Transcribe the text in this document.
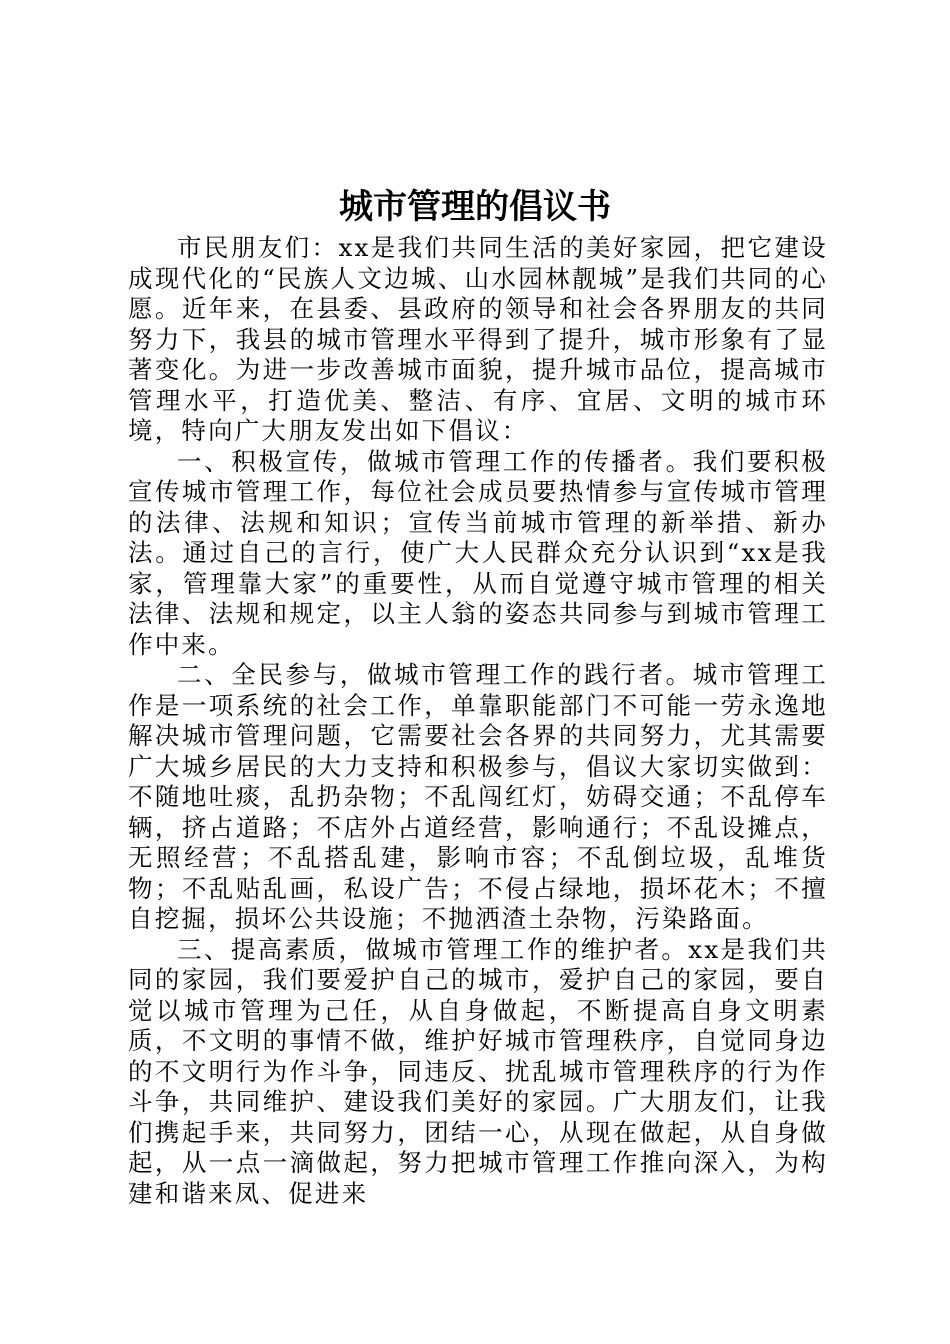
城市管理的倡议书

市民朋友们：xx是我们共同生活的美好家园，把它建设成现代化的“民族人文边城、山水园林靓城”是我们共同的心愿。近年来，在县委、县政府的领导和社会各界朋友的共同努力下，我县的城市管理水平得到了提升，城市形象有了显著变化。为进一步改善城市面貌，提升城市品位，提高城市管理水平，打造优美、整洁、有序、宜居、文明的城市环境，特向广大朋友发出如下倡议：

一、积极宣传，做城市管理工作的传播者。我们要积极宣传城市管理工作，每位社会成员要热情参与宣传城市管理的法律、法规和知识；宣传当前城市管理的新举措、新办法。通过自己的言行，使广大人民群众充分认识到“xx是我家，管理靠大家”的重要性，从而自觉遵守城市管理的相关法律、法规和规定，以主人翁的姿态共同参与到城市管理工作中来。

二、全民参与，做城市管理工作的践行者。城市管理工作是一项系统的社会工作，单靠职能部门不可能一劳永逸地解决城市管理问题，它需要社会各界的共同努力，尤其需要广大城乡居民的大力支持和积极参与，倡议大家切实做到：不随地吐痰，乱扔杂物；不乱闯红灯，妨碍交通；不乱停车辆，挤占道路；不店外占道经营，影响通行；不乱设摊点，无照经营；不乱搭乱建，影响市容；不乱倒垃圾，乱堆货物；不乱贴乱画，私设广告；不侵占绿地，损坏花木；不擅自挖掘，损坏公共设施；不抛洒渣土杂物，污染路面。

三、提高素质，做城市管理工作的维护者。xx是我们共同的家园，我们要爱护自己的城市，爱护自己的家园，要自觉以城市管理为己任，从自身做起，不断提高自身文明素质，不文明的事情不做，维护好城市管理秩序，自觉同身边的不文明行为作斗争，同违反、扰乱城市管理秩序的行为作斗争，共同维护、建设我们美好的家园。广大朋友们，让我们携起手来，共同努力，团结一心，从现在做起，从自身做起，从一点一滴做起，努力把城市管理工作推向深入，为构建和谐来凤、促进来
